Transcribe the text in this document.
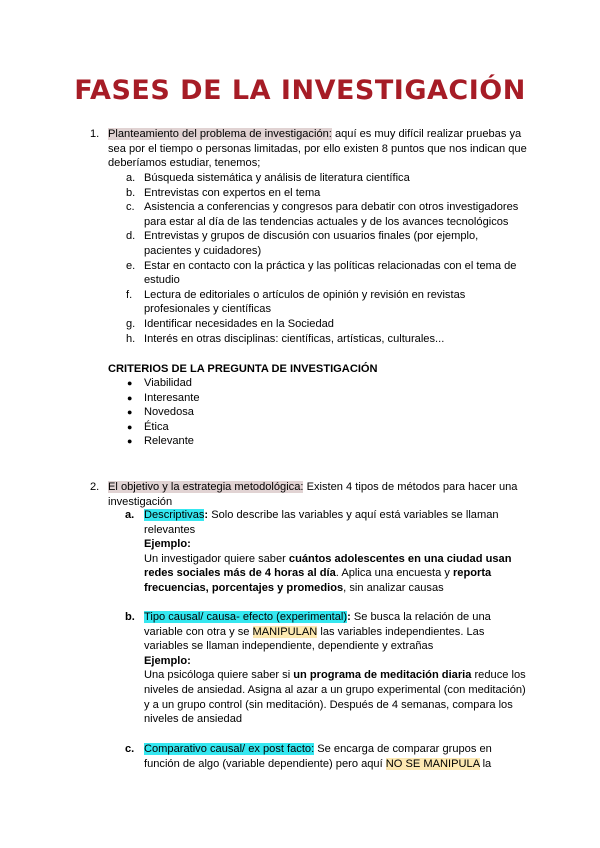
FASES DE LA INVESTIGACIÓN
1. Planteamiento del problema de investigación: aquí es muy difícil realizar pruebas ya
sea por el tiempo o personas limitadas, por ello existen 8 puntos que nos indican que
deberíamos estudiar, tenemos;
a. Búsqueda sistemática y análisis de literatura científica
b. Entrevistas con expertos en el tema
c. Asistencia a conferencias y congresos para debatir con otros investigadores
para estar al día de las tendencias actuales y de los avances tecnológicos
d. Entrevistas y grupos de discusión con usuarios finales (por ejemplo,
pacientes y cuidadores)
e. Estar en contacto con la práctica y las políticas relacionadas con el tema de
estudio
f. Lectura de editoriales o artículos de opinión y revisión en revistas
profesionales y científicas
g. Identificar necesidades en la Sociedad
h. Interés en otras disciplinas: científicas, artísticas, culturales...
CRITERIOS DE LA PREGUNTA DE INVESTIGACIÓN
● Viabilidad
● Interesante
● Novedosa
● Ética
● Relevante
2. El objetivo y la estrategia metodológica: Existen 4 tipos de métodos para hacer una
investigación
a. Descriptivas: Solo describe las variables y aquí está variables se llaman
relevantes
Ejemplo:
Un investigador quiere saber cuántos adolescentes en una ciudad usan
redes sociales más de 4 horas al día. Aplica una encuesta y reporta
frecuencias, porcentajes y promedios, sin analizar causas
b. Tipo causal/ causa- efecto (experimental): Se busca la relación de una
variable con otra y se MANIPULAN las variables independientes. Las
variables se llaman independiente, dependiente y extrañas
Ejemplo:
Una psicóloga quiere saber si un programa de meditación diaria reduce los
niveles de ansiedad. Asigna al azar a un grupo experimental (con meditación)
y a un grupo control (sin meditación). Después de 4 semanas, compara los
niveles de ansiedad
c. Comparativo causal/ ex post facto: Se encarga de comparar grupos en
función de algo (variable dependiente) pero aquí NO SE MANIPULA la
